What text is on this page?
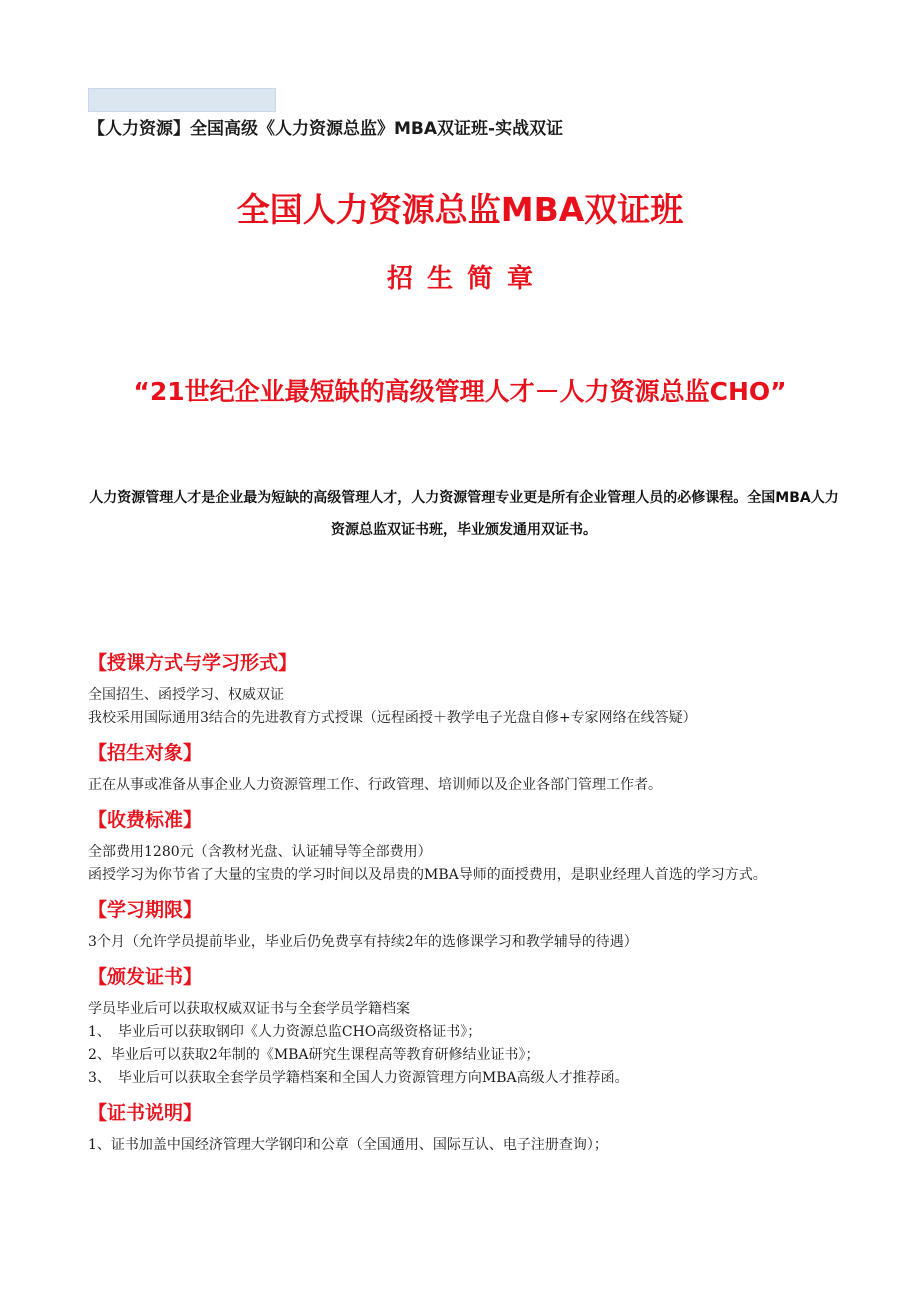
【人力资源】全国高级《人力资源总监》MBA双证班-实战双证
全国人力资源总监MBA双证班
招生简章
“21世纪企业最短缺的高级管理人才－人力资源总监CHO”
人力资源管理人才是企业最为短缺的高级管理人才，人力资源管理专业更是所有企业管理人员的必修课程。全国MBA人力资源总监双证书班，毕业颁发通用双证书。
【授课方式与学习形式】

全国招生、函授学习、权威双证

我校采用国际通用3结合的先进教育方式授课（远程函授＋教学电子光盘自修+专家网络在线答疑）

【招生对象】

正在从事或准备从事企业人力资源管理工作、行政管理、培训师以及企业各部门管理工作者。

【收费标准】

全部费用1280元（含教材光盘、认证辅导等全部费用）

函授学习为你节省了大量的宝贵的学习时间以及昂贵的MBA导师的面授费用，是职业经理人首选的学习方式。

【学习期限】

3个月（允许学员提前毕业，毕业后仍免费享有持续2年的选修课学习和教学辅导的待遇）

【颁发证书】

学员毕业后可以获取权威双证书与全套学员学籍档案

1、　毕业后可以获取钢印《人力资源总监CHO高级资格证书》；

2、毕业后可以获取2年制的《MBA研究生课程高等教育研修结业证书》；

3、　毕业后可以获取全套学员学籍档案和全国人力资源管理方向MBA高级人才推荐函。

【证书说明】

1、证书加盖中国经济管理大学钢印和公章（全国通用、国际互认、电子注册查询）；
